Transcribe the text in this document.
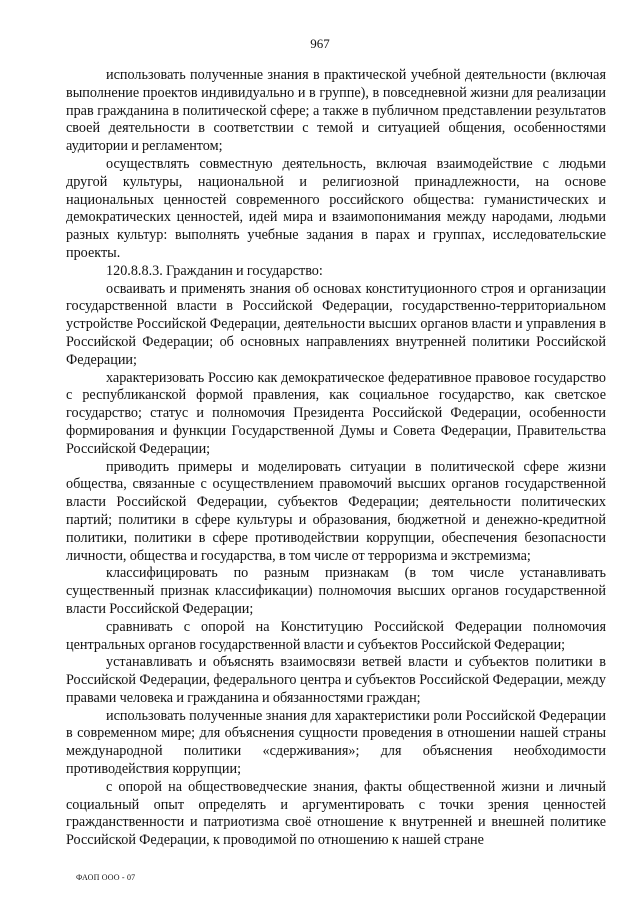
967

использовать полученные знания в практической учебной деятельности (включая выполнение проектов индивидуально и в группе), в повседневной жизни для реализации прав гражданина в политической сфере; а также в публичном представлении результатов своей деятельности в соответствии с темой и ситуацией общения, особенностями аудитории и регламентом;

осуществлять совместную деятельность, включая взаимодействие с людьми другой культуры, национальной и религиозной принадлежности, на основе национальных ценностей современного российского общества: гуманистических и демократических ценностей, идей мира и взаимопонимания между народами, людьми разных культур: выполнять учебные задания в парах и группах, исследовательские проекты.

120.8.8.3. Гражданин и государство:

осваивать и применять знания об основах конституционного строя и организации государственной власти в Российской Федерации, государственно-территориальном устройстве Российской Федерации, деятельности высших органов власти и управления в Российской Федерации; об основных направлениях внутренней политики Российской Федерации;

характеризовать Россию как демократическое федеративное правовое государство с республиканской формой правления, как социальное государство, как светское государство; статус и полномочия Президента Российской Федерации, особенности формирования и функции Государственной Думы и Совета Федерации, Правительства Российской Федерации;

приводить примеры и моделировать ситуации в политической сфере жизни общества, связанные с осуществлением правомочий высших органов государственной власти Российской Федерации, субъектов Федерации; деятельности политических партий; политики в сфере культуры и образования, бюджетной и денежно-кредитной политики, политики в сфере противодействии коррупции, обеспечения безопасности личности, общества и государства, в том числе от терроризма и экстремизма;

классифицировать по разным признакам (в том числе устанавливать существенный признак классификации) полномочия высших органов государственной власти Российской Федерации;

сравнивать с опорой на Конституцию Российской Федерации полномочия центральных органов государственной власти и субъектов Российской Федерации;

устанавливать и объяснять взаимосвязи ветвей власти и субъектов политики в Российской Федерации, федерального центра и субъектов Российской Федерации, между правами человека и гражданина и обязанностями граждан;

использовать полученные знания для характеристики роли Российской Федерации в современном мире; для объяснения сущности проведения в отношении нашей страны международной политики «сдерживания»; для объяснения необходимости противодействия коррупции;

с опорой на обществоведческие знания, факты общественной жизни и личный социальный опыт определять и аргументировать с точки зрения ценностей гражданственности и патриотизма своё отношение к внутренней и внешней политике Российской Федерации, к проводимой по отношению к нашей стране

ФАОП ООО - 07
